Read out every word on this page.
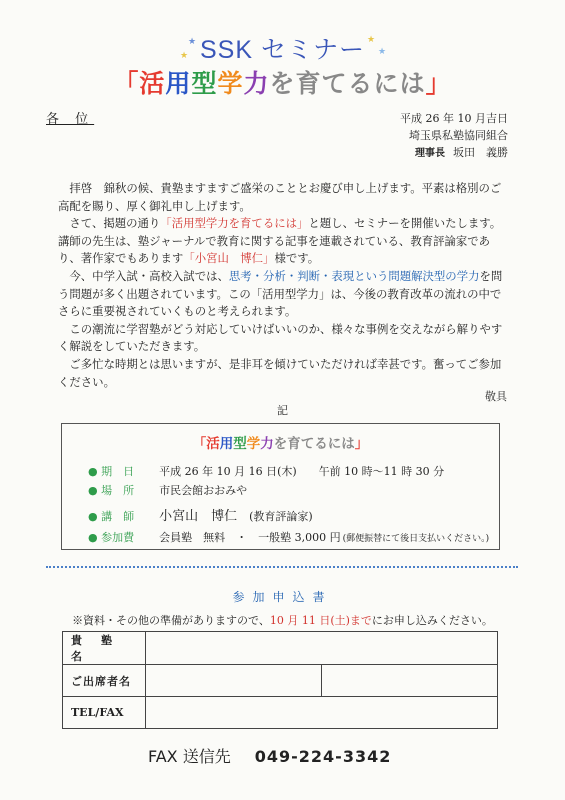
★
★
★
★
SSK セミナー
「活用型学力を育てるには」
各 位	平成 26 年 10 月吉日
埼玉県私塾協同組合
理事長 坂田　義勝

　拝啓　錦秋の候、貴塾ますますご盛栄のこととお慶び申し上げます。平素は格別のご高配を賜り、厚く御礼申し上げます。

　さて、掲題の通り「活用型学力を育てるには」と題し、セミナーを開催いたします。講師の先生は、塾ジャーナルで教育に関する記事を連載されている、教育評論家であり、著作家でもあります「小宮山　博仁」様です。

　今、中学入試・高校入試では、思考・分析・判断・表現という問題解決型の学力を問う問題が多く出題されています。この「活用型学力」は、今後の教育改革の流れの中でさらに重要視されていくものと考えられます。

　この潮流に学習塾がどう対応していけばいいのか、様々な事例を交えながら解りやすく解説をしていただきます。

　ご多忙な時期とは思いますが、是非耳を傾けていただければ幸甚です。奮ってご参加ください。

敬具
記
「活用型学力を育てるには」
● 期　日 平成 26 年 10 月 16 日(木) 午前 10 時～11 時 30 分
● 場　所 市民会館おおみや
● 講　師 小宮山　博仁 (教育評論家)
● 参加費 会員塾　無料　・　一般塾 3,000 円 (郵便振替にて後日支払いください。)
参加申込書
※資料・その他の準備がありますので、10 月 11 日(土)までにお申し込みください。
貴　塾　名		
ご出席者名		
TEL/FAX		
FAX 送信先 049-224-3342
